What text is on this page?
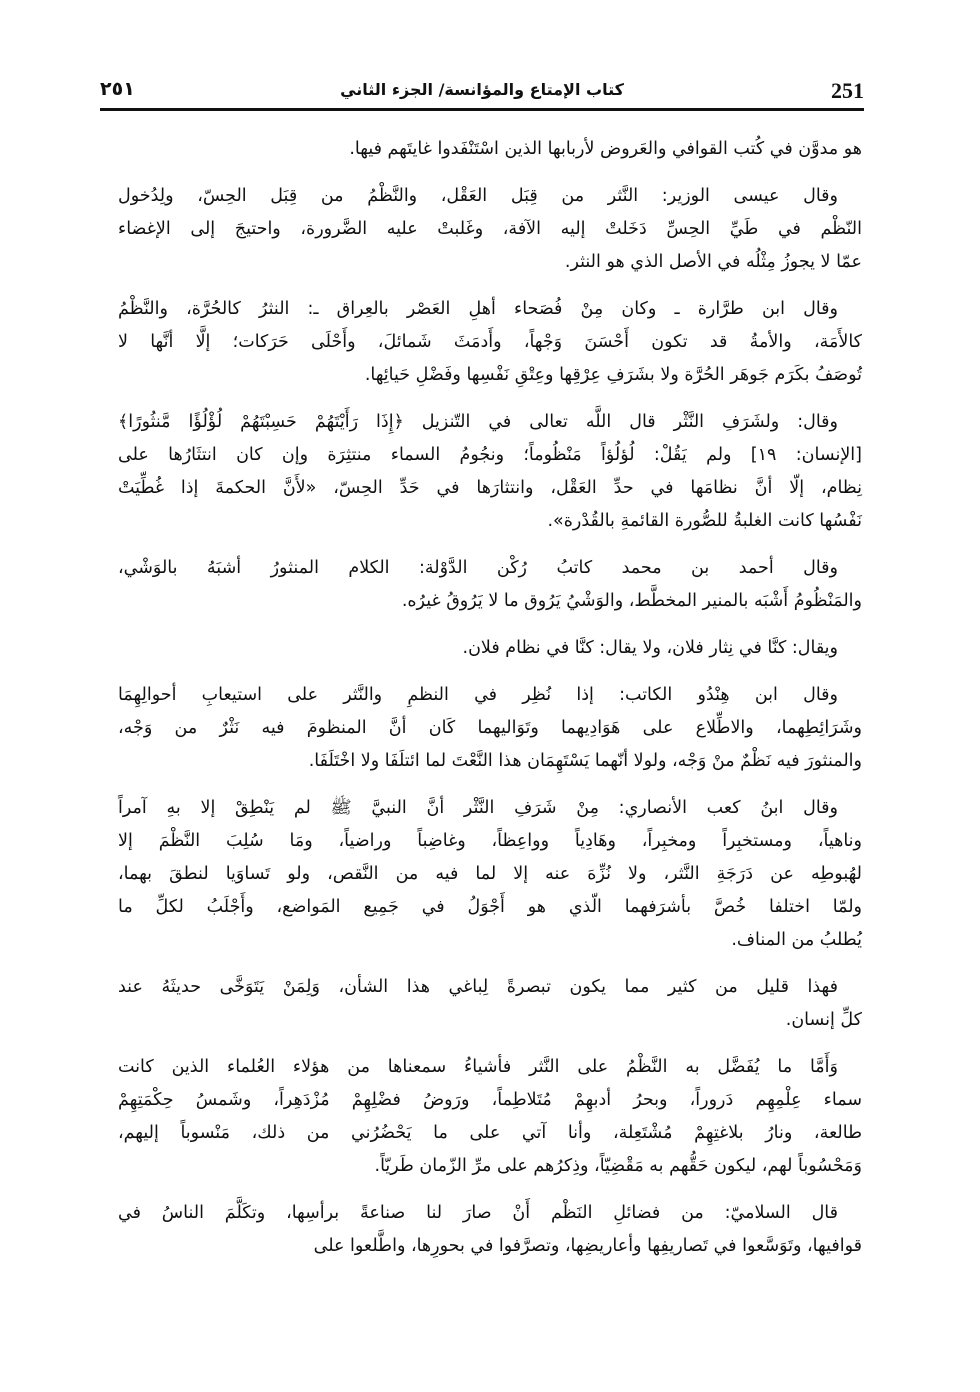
251
كتاب الإمتاع والمؤانسة/ الجزء الثاني
٢٥١
هو مدوَّن في كُتب القوافي والعَروض لأربابها الذين اسْتَنْفَدوا غايتَهم فيها.
وقال عيسى الوزير: النَّثر من قِبَل العَقْل، والنَّظْمُ من قِبَل الحِسّ، ولِدُخول
النّظْم في طَيِّ الحِسِّ دَخَلتْ إليه الآفة، وغَلبتْ عليه الضَّرورة، واحتيجَ إلى الإغضاء
عمّا لا يجوزُ مِثْلُه في الأصل الذي هو النثر.
وقال ابن طرَّارة ـ وكان مِنْ فُصَحاء أهلِ العَصْر بالعِراق ـ: النثرُ كالحُرَّة، والنَّظْمُ
كالأَمَة، والأمةُ قد تكون أَحْسَنَ وَجْهاً، وأَدمَثَ شَمائلَ، وأَحْلَى حَرَكات؛ إلَّا أنَّها لا
تُوصَفُ بكَرَم جَوهَر الحُرَّة ولا بشَرَفِ عِرْقِها وعِتْقِ نَفْسِها وفَضْلِ حَيائِها.
وقال: ولشَرَفِ النَّثْر قال اللَّه تعالى في التّنزيل ﴿إِذَا رَأَيْتَهُمْ حَسِبْتَهُمْ لُؤْلُؤًا مَّنثُورًا﴾
[الإنسان: ١٩] ولم يَقُلْ: لُؤلُؤاً مَنْظُوماً؛ ونجُومُ السماء منتثِرَة وإن كان انتثَارُها على
نِظام، إلّا أنَّ نظامَها في حدِّ العَقْل، وانتثارَها في حَدِّ الحِسّ، «لأَنَّ الحكمةَ إذا غُطِّيَتْ
نَفْسُها كانت الغلبةُ للصُّورة القائمةِ بالقُدْرة».
وقال أحمد بن محمد كاتبُ رُكْن الدَّوْلة: الكلام المنثورُ أشبَهُ بالوَشْي،
والمَنْظُومُ أَشْبَه بالمنير المخطَّط، والوَشْيُ يَرُوق ما لا يَرُوقُ غيرُه.
ويقال: كنَّا في نِثار فلان، ولا يقال: كنَّا في نظام فلان.
وقال ابن هِنْدُو الكاتب: إذا نُظِر في النظمِ والنَّثر على استيعابِ أحوالِهِمَا
وشَرَائِطِهما، والاطِّلاع على هَوَادِيهما وتَوَاليهما كَان أنَّ المنظومَ فيه نَثْرٌ من وَجْه،
والمنثورَ فيه نَظْمٌ منْ وَجْه، ولولا أنّهما يَسْتَهِمَان هذا النَّعْتَ لما ائتلَفَا ولا اخْتَلَفَا.
وقال ابنُ كعب الأنصاري: مِنْ شَرَفِ النَّثْر أنَّ النبيَّ ﷺ لم يَنْطِقْ إلا بهِ آمراً
وناهياً، ومستخبِراً ومخبِراً، وهَادِياً وواعِظاً، وغاضِباً وراضياً، ومَا سُلِبَ النَّظْمَ إلا
لهُبوطِه عن دَرَجَةِ النَّثر، ولا نُزِّهَ عنه إلا لما فيه من النَّقص، ولو تَساوَيا لنطقَ بهما،
ولمّا اختلفا خُصَّ بأشرَفهما الّذي هو أَجْوَلُ في جَمِيع المَواضع، وأَجْلَبُ لكلِّ ما
يُطلبُ من المناف.
فهذا قليل من كثير مما يكون تبصرةً لِباغي هذا الشأن، وَلِمَنْ يَتَوَخَّى حديثَهُ عند
كلِّ إنسان.
وَأَمَّا ما يُفَضَّل به النَّظْمُ على النَّثر فأشياءُ سمعناها من هؤلاء العُلماء الذين كانت
سماء عِلْمِهِم دَروراً، وبحرُ أدبهِمْ مُتَلاطِماً، ورَوضُ فضْلِهِمْ مُزْدَهِراً، وشَمسُ حِكْمَتِهِمْ
طالعة، ونارُ بلاغتِهِمْ مُشْتَعِلة، وأنا آتي على ما يَحْضُرُني من ذلك، مَنْسوباً إليهم،
وَمَحْسُوباً لهم، ليكون حَقُّهم به مَقْضِيّاً، وذِكرُهم على مرِّ الزّمان طَريّاً.
قال السلاميّ: من فضائلِ النَظْم أَنْ صارَ لنا صناعةً برأسِها، وتكَلَّمَ الناسُ في
قوافيها، وتَوَسَّعوا في تَصاريفِها وأعاريضِها، وتصرَّفوا في بحورِها، واطَّلعوا على
